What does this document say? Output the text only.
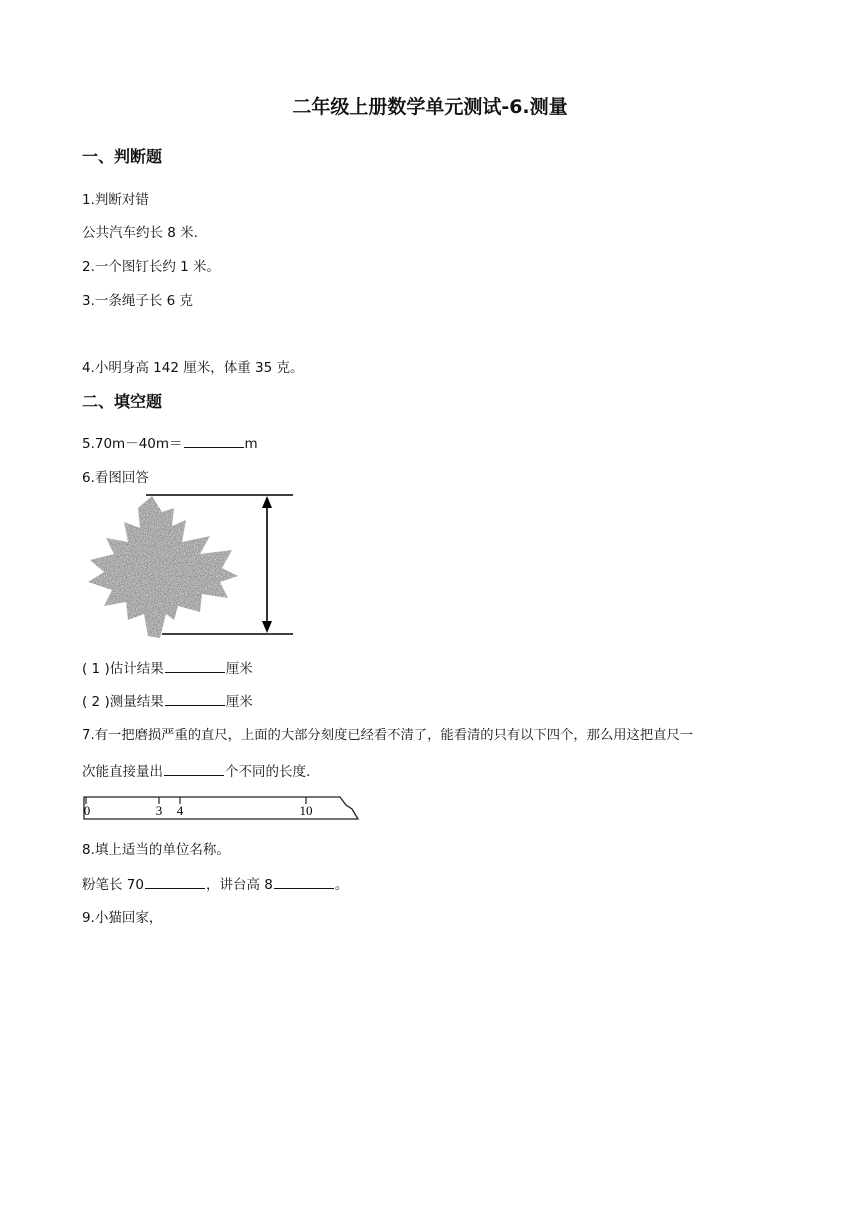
二年级上册数学单元测试-6.测量
一、判断题
1.判断对错
公共汽车约长 8 米.
2.一个图钉长约 1 米。
3.一条绳子长 6 克
4.小明身高 142 厘米，体重 35 克。
二、填空题
5.70m－40m＝	m
6.看图回答
( 1 )估计结果	厘米
( 2 )测量结果	厘米
7.有一把磨损严重的直尺，上面的大部分刻度已经看不清了，能看清的只有以下四个，那么用这把直尺一
次能直接量出	个不同的长度.
0	3 4	10
8.填上适当的单位名称。
粉笔长 70	，讲台高 8	。
9.小猫回家，
